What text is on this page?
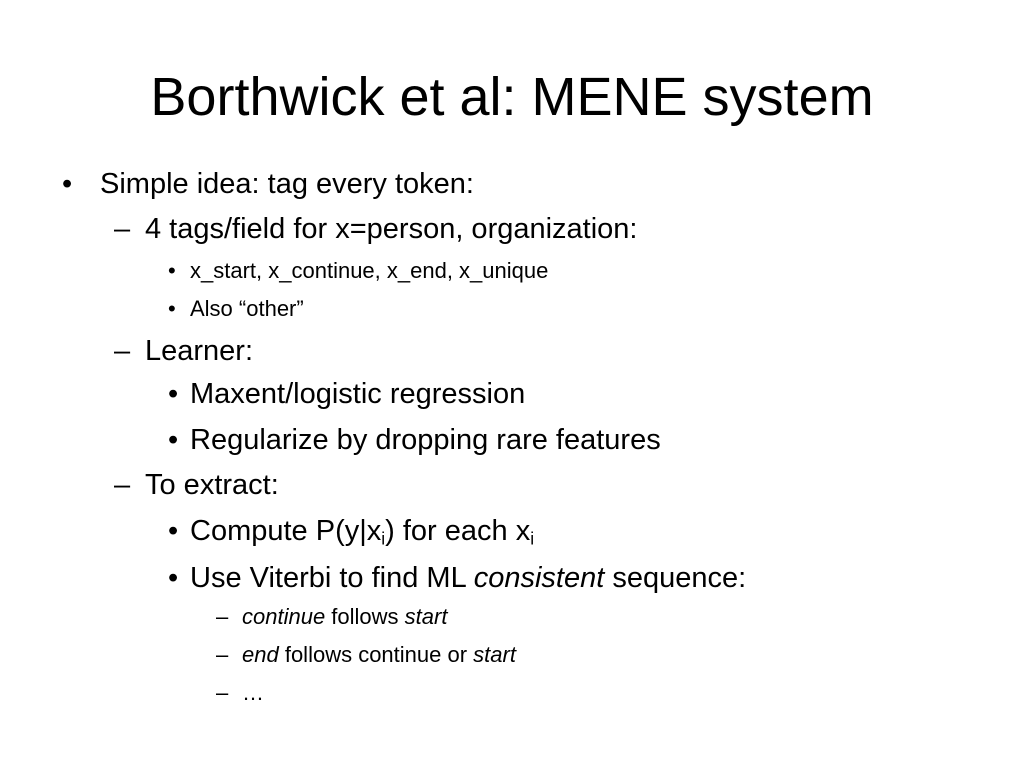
Borthwick et al: MENE system
• Simple idea: tag every token:
– 4 tags/field for x=person, organization:
• x_start, x_continue, x_end, x_unique
• Also “other”
– Learner:
• Maxent/logistic regression
• Regularize by dropping rare features
– To extract:
• Compute $P(y|x_i)$ for each $x_i$
• Use Viterbi to find ML consistent sequence:
– continue follows start
– end follows continue or start
– …
